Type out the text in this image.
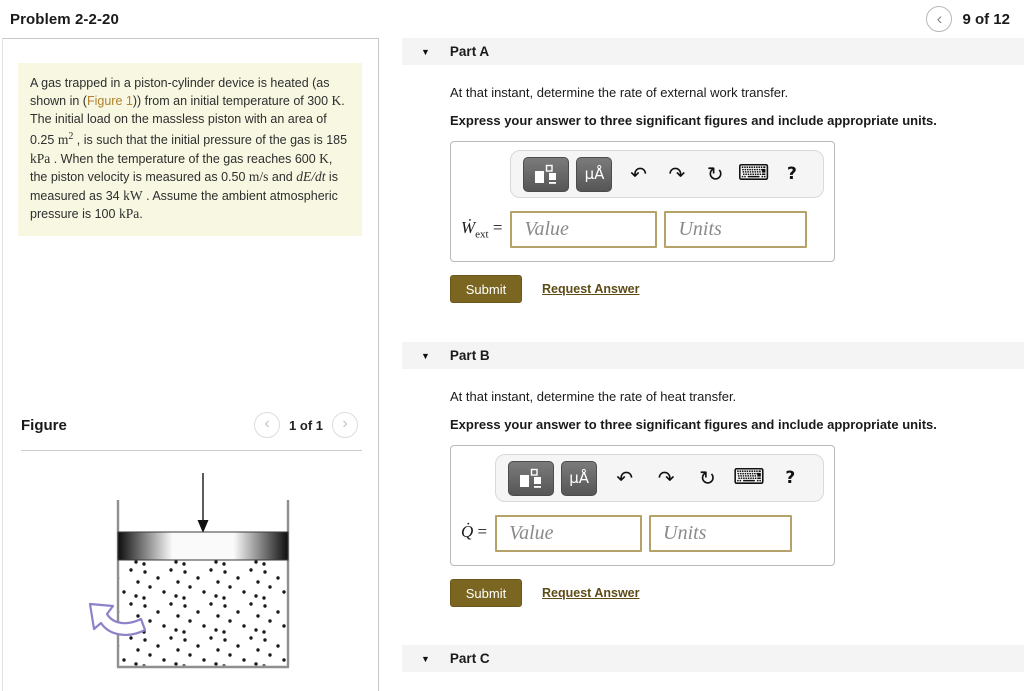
Problem 2-2-20	‹ 9 of 12
A gas trapped in a piston-cylinder device is heated (as shown in (Figure 1)) from an initial temperature of 300 K. The initial load on the massless piston with an area of 0.25 $m^2$ , is such that the initial pressure of the gas is 185 kPa . When the temperature of the gas reaches 600 K, the piston velocity is measured as 0.50 m/s and dE/dt is measured as 34 kW . Assume the ambient atmospheric pressure is 100 kPa.
Figure	‹ 1 of 1 ›
▼ Part A
At that instant, determine the rate of external work transfer.
Express your answer to three significant figures and include appropriate units.
μÅ	↶	↷	↻ ⌨	?
$Ẇ_{ext}$ =
Value
Units
Submit	Request Answer
▼ Part B
At that instant, determine the rate of heat transfer.
Express your answer to three significant figures and include appropriate units.
μÅ	↶	↷	↻ ⌨	?
Q̇ =
Value
Units
Submit	Request Answer
▼ Part C
